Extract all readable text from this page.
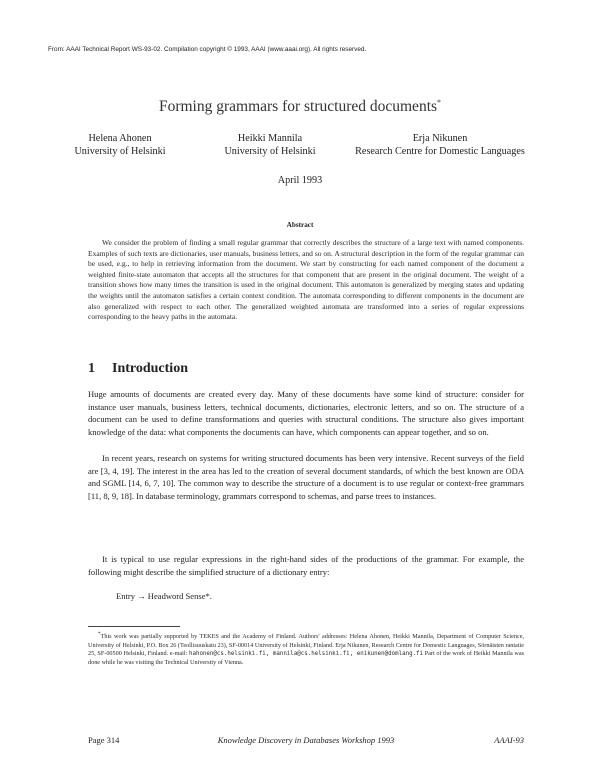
From: AAAI Technical Report WS-93-02. Compilation copyright © 1993, AAAI (www.aaai.org). All rights reserved.
Forming grammars for structured documents*
Helena Ahonen
University of Helsinki
Heikki Mannila
University of Helsinki
Erja Nikunen
Research Centre for Domestic Languages
April 1993
Abstract

We consider the problem of finding a small regular grammar that correctly describes the structure of a large text with named components. Examples of such texts are dictionaries, user manuals, business letters, and so on. A structural description in the form of the regular grammar can be used, e.g., to help in retrieving information from the document. We start by constructing for each named component of the document a weighted finite-state automaton that accepts all the structures for that component that are present in the original document. The weight of a transition shows how many times the transition is used in the original document. This automaton is generalized by merging states and updating the weights until the automaton satisfies a certain context condition. The automata corresponding to different components in the document are also generalized with respect to each other. The generalized weighted automata are transformed into a series of regular expressions corresponding to the heavy paths in the automata.

1 Introduction

Huge amounts of documents are created every day. Many of these documents have some kind of structure: consider for instance user manuals, business letters, technical documents, dictionaries, electronic letters, and so on. The structure of a document can be used to define transformations and queries with structural conditions. The structure also gives important knowledge of the data: what components the documents can have, which components can appear together, and so on.

In recent years, research on systems for writing structured documents has been very intensive. Recent surveys of the field are [3, 4, 19]. The interest in the area has led to the creation of several document standards, of which the best known are ODA and SGML [14, 6, 7, 10]. The common way to describe the structure of a document is to use regular or context-free grammars [11, 8, 9, 18]. In database terminology, grammars correspond to schemas, and parse trees to instances.

It is typical to use regular expressions in the right-hand sides of the productions of the grammar. For example, the following might describe the simplified structure of a dictionary entry:

Entry → Headword Sense*.

*This work was partially supported by TEKES and the Academy of Finland. Authors' addresses: Helena Ahonen, Heikki Mannila, Department of Computer Science, University of Helsinki, P.O. Box 26 (Teollisuuskatu 23), SF-00014 University of Helsinki, Finland. Erja Nikunen, Research Centre for Domestic Languages, Sörnäisten rantatie 25, SF-00500 Helsinki, Finland. e-mail: hahonen@cs.helsinki.fi, mannila@cs.helsinki.fi, enikunen@domlang.fi Part of the work of Heikki Mannila was done while he was visiting the Technical University of Vienna.

Page 314	Knowledge Discovery in Databases Workshop 1993	AAAI-93
